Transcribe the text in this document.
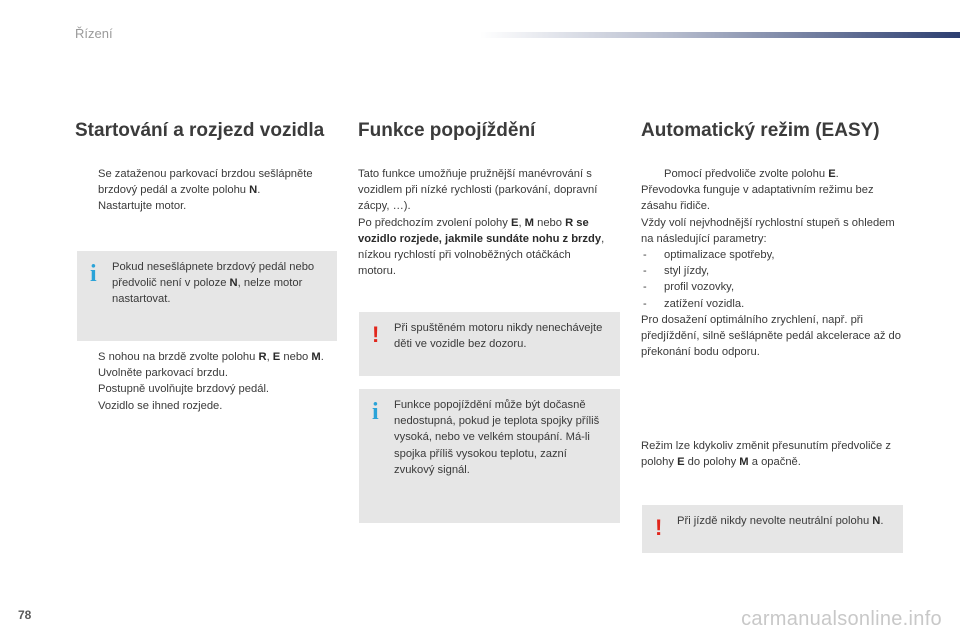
Řízení
Startování a rozjezd vozidla

Se zataženou parkovací brzdou sešlápněte brzdový pedál a zvolte polohu N.

Nastartujte motor.

i Pokud nesešlápnete brzdový pedál nebo předvolič není v poloze N, nelze motor nastartovat.

S nohou na brzdě zvolte polohu R, E nebo M.

Uvolněte parkovací brzdu.

Postupně uvolňujte brzdový pedál.
Vozidlo se ihned rozjede.

Funkce popojíždění

Tato funkce umožňuje pružnější manévrování s vozidlem při nízké rychlosti (parkování, dopravní zácpy, …).

Po předchozím zvolení polohy E, M nebo R se vozidlo rozjede, jakmile sundáte nohu z brzdy, nízkou rychlostí při volnoběžných otáčkách motoru.

! Při spuštěném motoru nikdy nenechávejte děti ve vozidle bez dozoru.
i Funkce popojíždění může být dočasně nedostupná, pokud je teplota spojky příliš vysoká, nebo ve velkém stoupání. Má-li spojka příliš vysokou teplotu, zazní zvukový signál.
Automatický režim (EASY)

Pomocí předvoliče zvolte polohu E.

Převodovka funguje v adaptativním režimu bez zásahu řidiče.

Vždy volí nejvhodnější rychlostní stupeň s ohledem na následující parametry:

- optimalizace spotřeby,

- styl jízdy,

- profil vozovky,

- zatížení vozidla.

Pro dosažení optimálního zrychlení, např. při předjíždění, silně sešlápněte pedál akcelerace až do překonání bodu odporu.

Režim lze kdykoliv změnit přesunutím předvoliče z polohy E do polohy M a opačně.
! Při jízdě nikdy nevolte neutrální polohu N.
78	carmanualsonline.info
